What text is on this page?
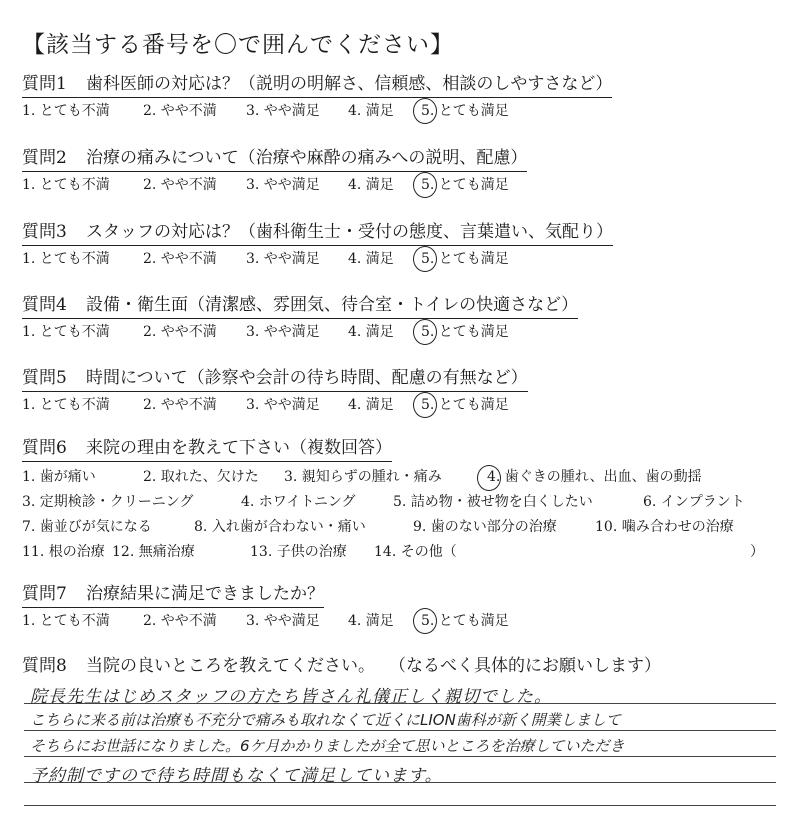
【該当する番号を〇で囲んでください】
質問1 歯科医師の対応は？（説明の明解さ、信頼感、相談のしやすさなど）
1. とても不満 2. やや不満 3. やや満足 4. 満足 5. とても満足
質問2 治療の痛みについて（治療や麻酔の痛みへの説明、配慮）
1. とても不満 2. やや不満 3. やや満足 4. 満足 5. とても満足
質問3 スタッフの対応は？（歯科衛生士・受付の態度、言葉遣い、気配り）
1. とても不満 2. やや不満 3. やや満足 4. 満足 5. とても満足
質問4 設備・衛生面（清潔感、雰囲気、待合室・トイレの快適さなど）
1. とても不満 2. やや不満 3. やや満足 4. 満足 5. とても満足
質問5 時間について（診察や会計の待ち時間、配慮の有無など）
1. とても不満 2. やや不満 3. やや満足 4. 満足 5. とても満足
質問6 来院の理由を教えて下さい（複数回答）
1. 歯が痛い	2. 取れた、欠けた 3. 親知らずの腫れ・痛み	4. 歯ぐきの腫れ、出血、歯の動揺
3. 定期検診・クリーニング	4. ホワイトニング	5. 詰め物・被せ物を白くしたい	6. インプラント
7. 歯並びが気になる	8. 入れ歯が合わない・痛い	9. 歯のない部分の治療	10. 噛み合わせの治療
11. 根の治療 12. 無痛治療	13. 子供の治療 14. その他（	）
質問7 治療結果に満足できましたか？
1. とても不満 2. やや不満 3. やや満足 4. 満足 5. とても満足
質問8 当院の良いところを教えてください。 （なるべく具体的にお願いします）
院長先生はじめスタッフの方たち皆さん礼儀正しく親切でした。
こちらに来る前は治療も不充分で痛みも取れなくて近くにLION歯科が新く開業しまして
そちらにお世話になりました。6ケ月かかりましたが全て思いところを治療していただき
予約制ですので待ち時間もなくて満足しています。
